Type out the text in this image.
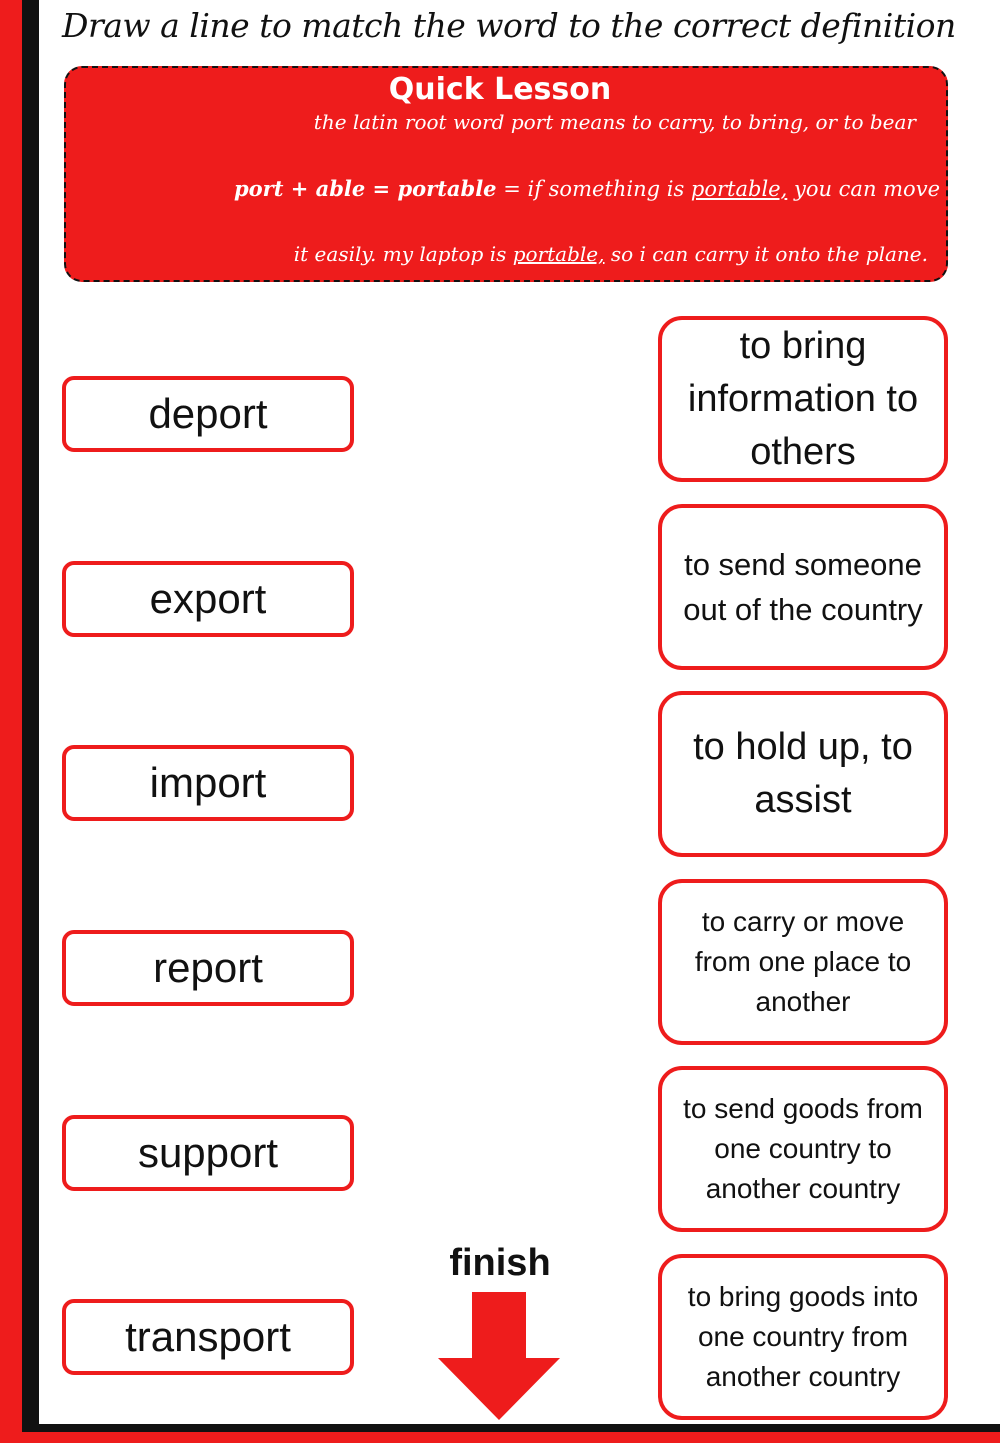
Draw a line to match the word to the correct definition
Quick Lesson
the latin root word port means to carry, to bring, or to bear
port + able = portable = if something is portable, you can move
it easily. my laptop is portable, so i can carry it onto the plane.
deport
export
import
report
support
transport
to bring information to others
to send someone out of the country
to hold up, to assist
to carry or move from one place to another
to send goods from one country to another country
to bring goods into one country from another country
finish
